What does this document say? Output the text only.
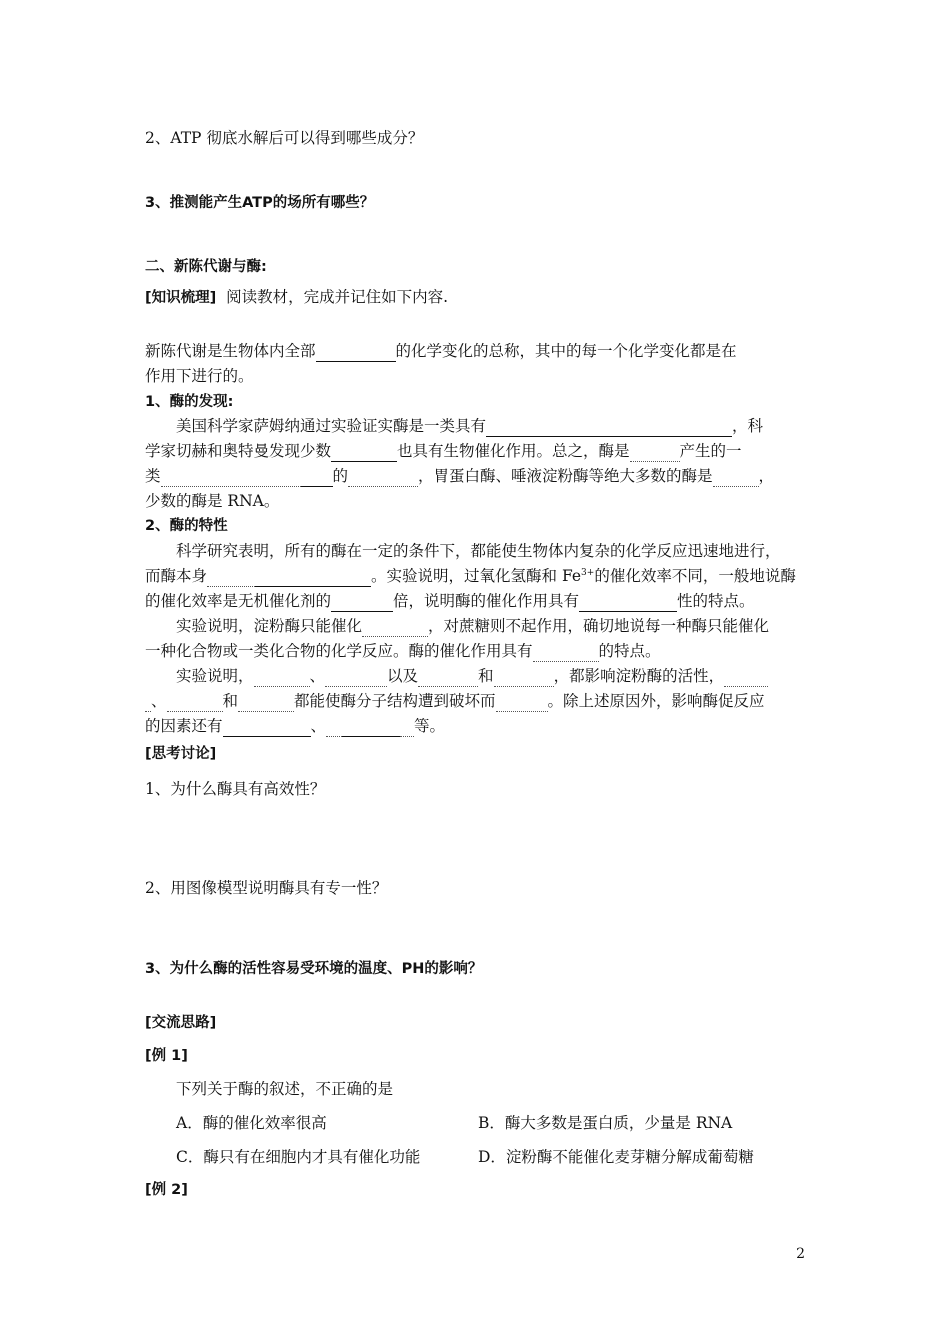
2、ATP 彻底水解后可以得到哪些成分？
3、推测能产生ATP的场所有哪些？
二、新陈代谢与酶:
[知识梳理] 阅读教材，完成并记住如下内容.
新陈代谢是生物体内全部	的化学变化的总称，其中的每一个化学变化都是在
作用下进行的。
1、酶的发现:
美国科学家萨姆纳通过实验证实酶是一类具有	，科
学家切赫和奥特曼发现少数	也具有生物催化作用。总之，酶是	产生的一
类	的	，胃蛋白酶、唾液淀粉酶等绝大多数的酶是	，
少数的酶是 RNA。
2、酶的特性
科学研究表明，所有的酶在一定的条件下，都能使生物体内复杂的化学反应迅速地进行，
而酶本身	。实验说明，过氧化氢酶和 $Fe^{3+}$的催化效率不同，一般地说酶
的催化效率是无机催化剂的	倍，说明酶的催化作用具有	性的特点。
实验说明，淀粉酶只能催化	，对蔗糖则不起作用，确切地说每一种酶只能催化
一种化合物或一类化合物的化学反应。酶的催化作用具有	的特点。
实验说明，	、	以及	和	，都影响淀粉酶的活性，
、	和	都能使酶分子结构遭到破坏而	。除上述原因外，影响酶促反应
的因素还有	、	等。
[思考讨论]
1、为什么酶具有高效性？
2、用图像模型说明酶具有专一性？
3、为什么酶的活性容易受环境的温度、PH的影响？
[交流思路]
[例 1]
下列关于酶的叙述，不正确的是
A．酶的催化效率很高	B．酶大多数是蛋白质，少量是 RNA
C．酶只有在细胞内才具有催化功能	D．淀粉酶不能催化麦芽糖分解成葡萄糖
[例 2]
2
